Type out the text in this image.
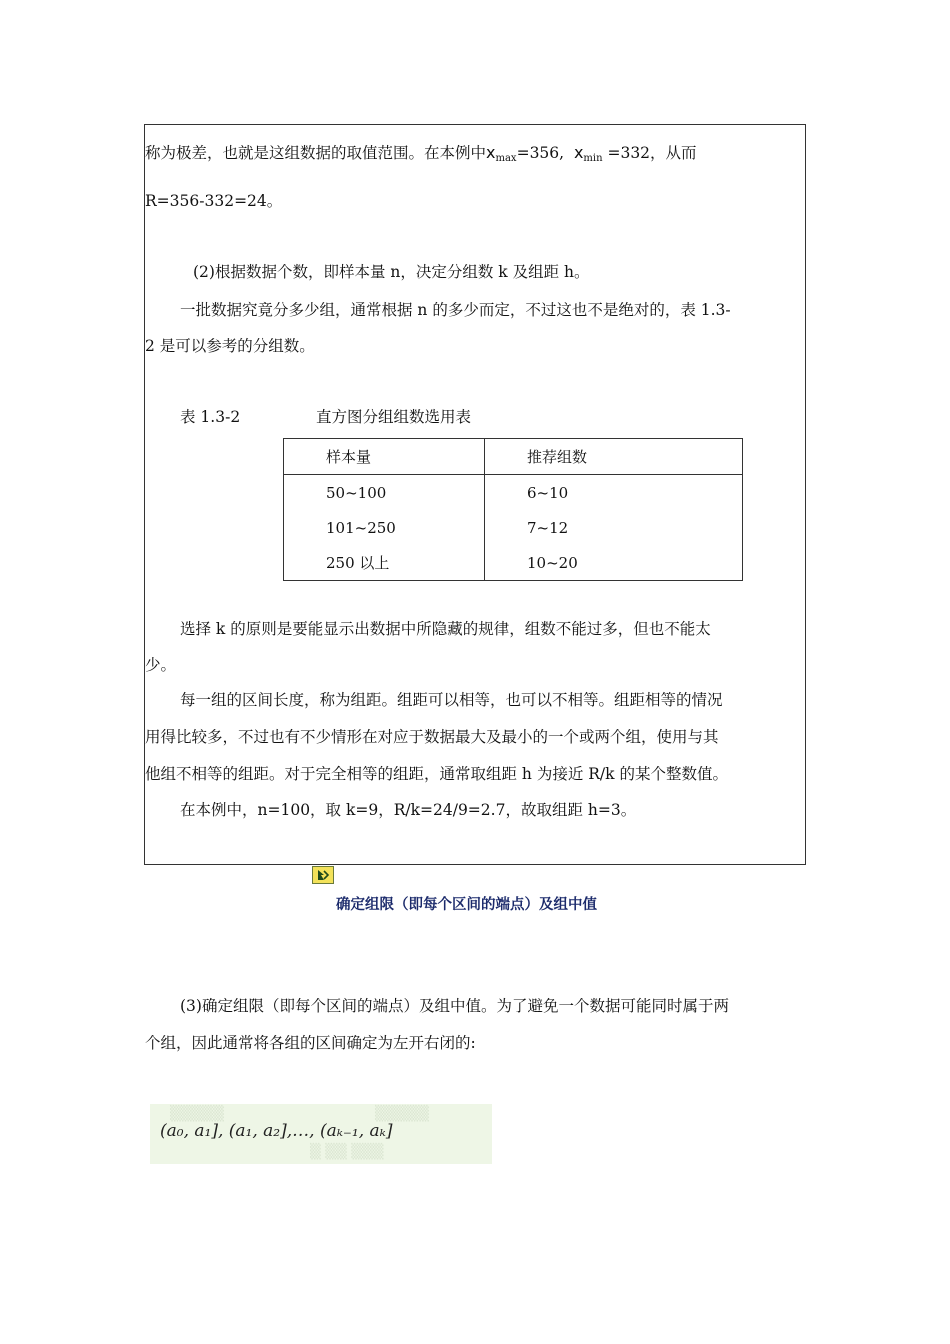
称为极差，也就是这组数据的取值范围。在本例中xmax=356, xmin =332，从而
R=356-332=24。
(2)根据数据个数，即样本量 n，决定分组数 k 及组距 h。
一批数据究竟分多少组，通常根据 n 的多少而定，不过这也不是绝对的，表 1.3-
2 是可以参考的分组数。
表 1.3-2	直方图分组组数选用表
样本量	推荐组数
50~100	6~10
101~250	7~12
250 以上	10~20
选择 k 的原则是要能显示出数据中所隐藏的规律，组数不能过多，但也不能太
少。
每一组的区间长度，称为组距。组距可以相等，也可以不相等。组距相等的情况
用得比较多，不过也有不少情形在对应于数据最大及最小的一个或两个组，使用与其
他组不相等的组距。对于完全相等的组距，通常取组距 h 为接近 R/k 的某个整数值。
在本例中，n=100，取 k=9，R/k=24/9=2.7，故取组距 h=3。
确定组限（即每个区间的端点）及组中值
(3)确定组限（即每个区间的端点）及组中值。为了避免一个数据可能同时属于两
个组，因此通常将各组的区间确定为左开右闭的:
▒▒▒▒▒	▒▒▒▒▒
▒ ▒▒ ▒▒▒
(a₀, a₁], (a₁, a₂],…, (aₖ₋₁, aₖ]
